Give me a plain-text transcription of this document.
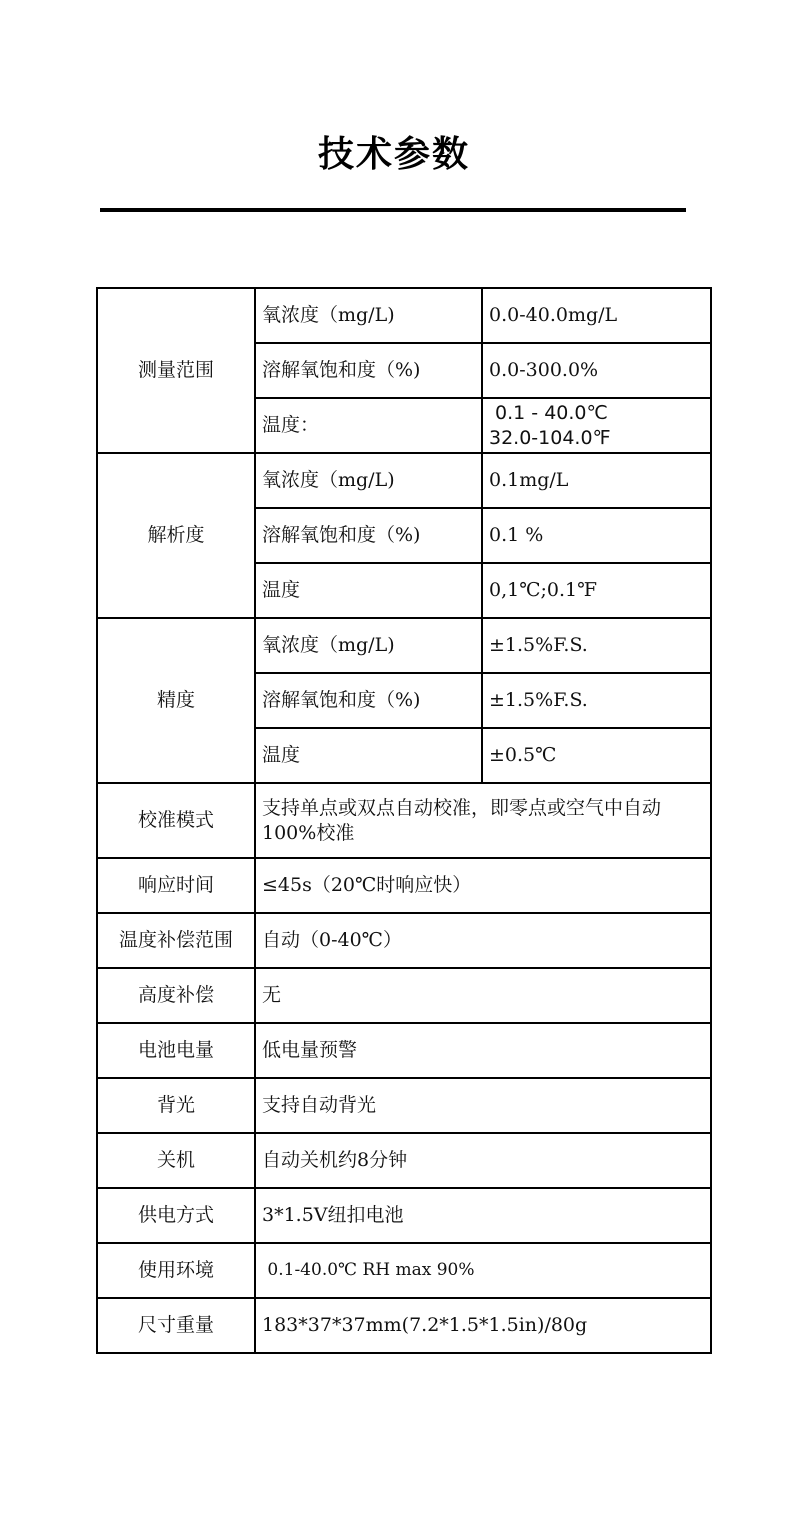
技术参数
测量范围	氧浓度（mg/L)	0.0-40.0mg/L
	溶解氧饱和度（%)	0.0-300.0%
	温度：	0.1 - 40.0℃
32.0-104.0℉

解析度	氧浓度（mg/L)	0.1mg/L
	溶解氧饱和度（%)	0.1 %
	温度	0,1℃;0.1℉
精度	氧浓度（mg/L)	±1.5%F.S.
	溶解氧饱和度（%)	±1.5%F.S.
	温度	±0.5℃
校准模式	支持单点或双点自动校准，即零点或空气中自动100%校准	
响应时间	≤45s（20℃时响应快）	
温度补偿范围	自动（0-40℃）	
高度补偿	无	
电池电量	低电量预警	
背光	支持自动背光	
关机	自动关机约8分钟	
供电方式	3*1.5V纽扣电池	
使用环境	0.1-40.0℃ RH max 90%	
尺寸重量	183*37*37mm(7.2*1.5*1.5in)/80g	
